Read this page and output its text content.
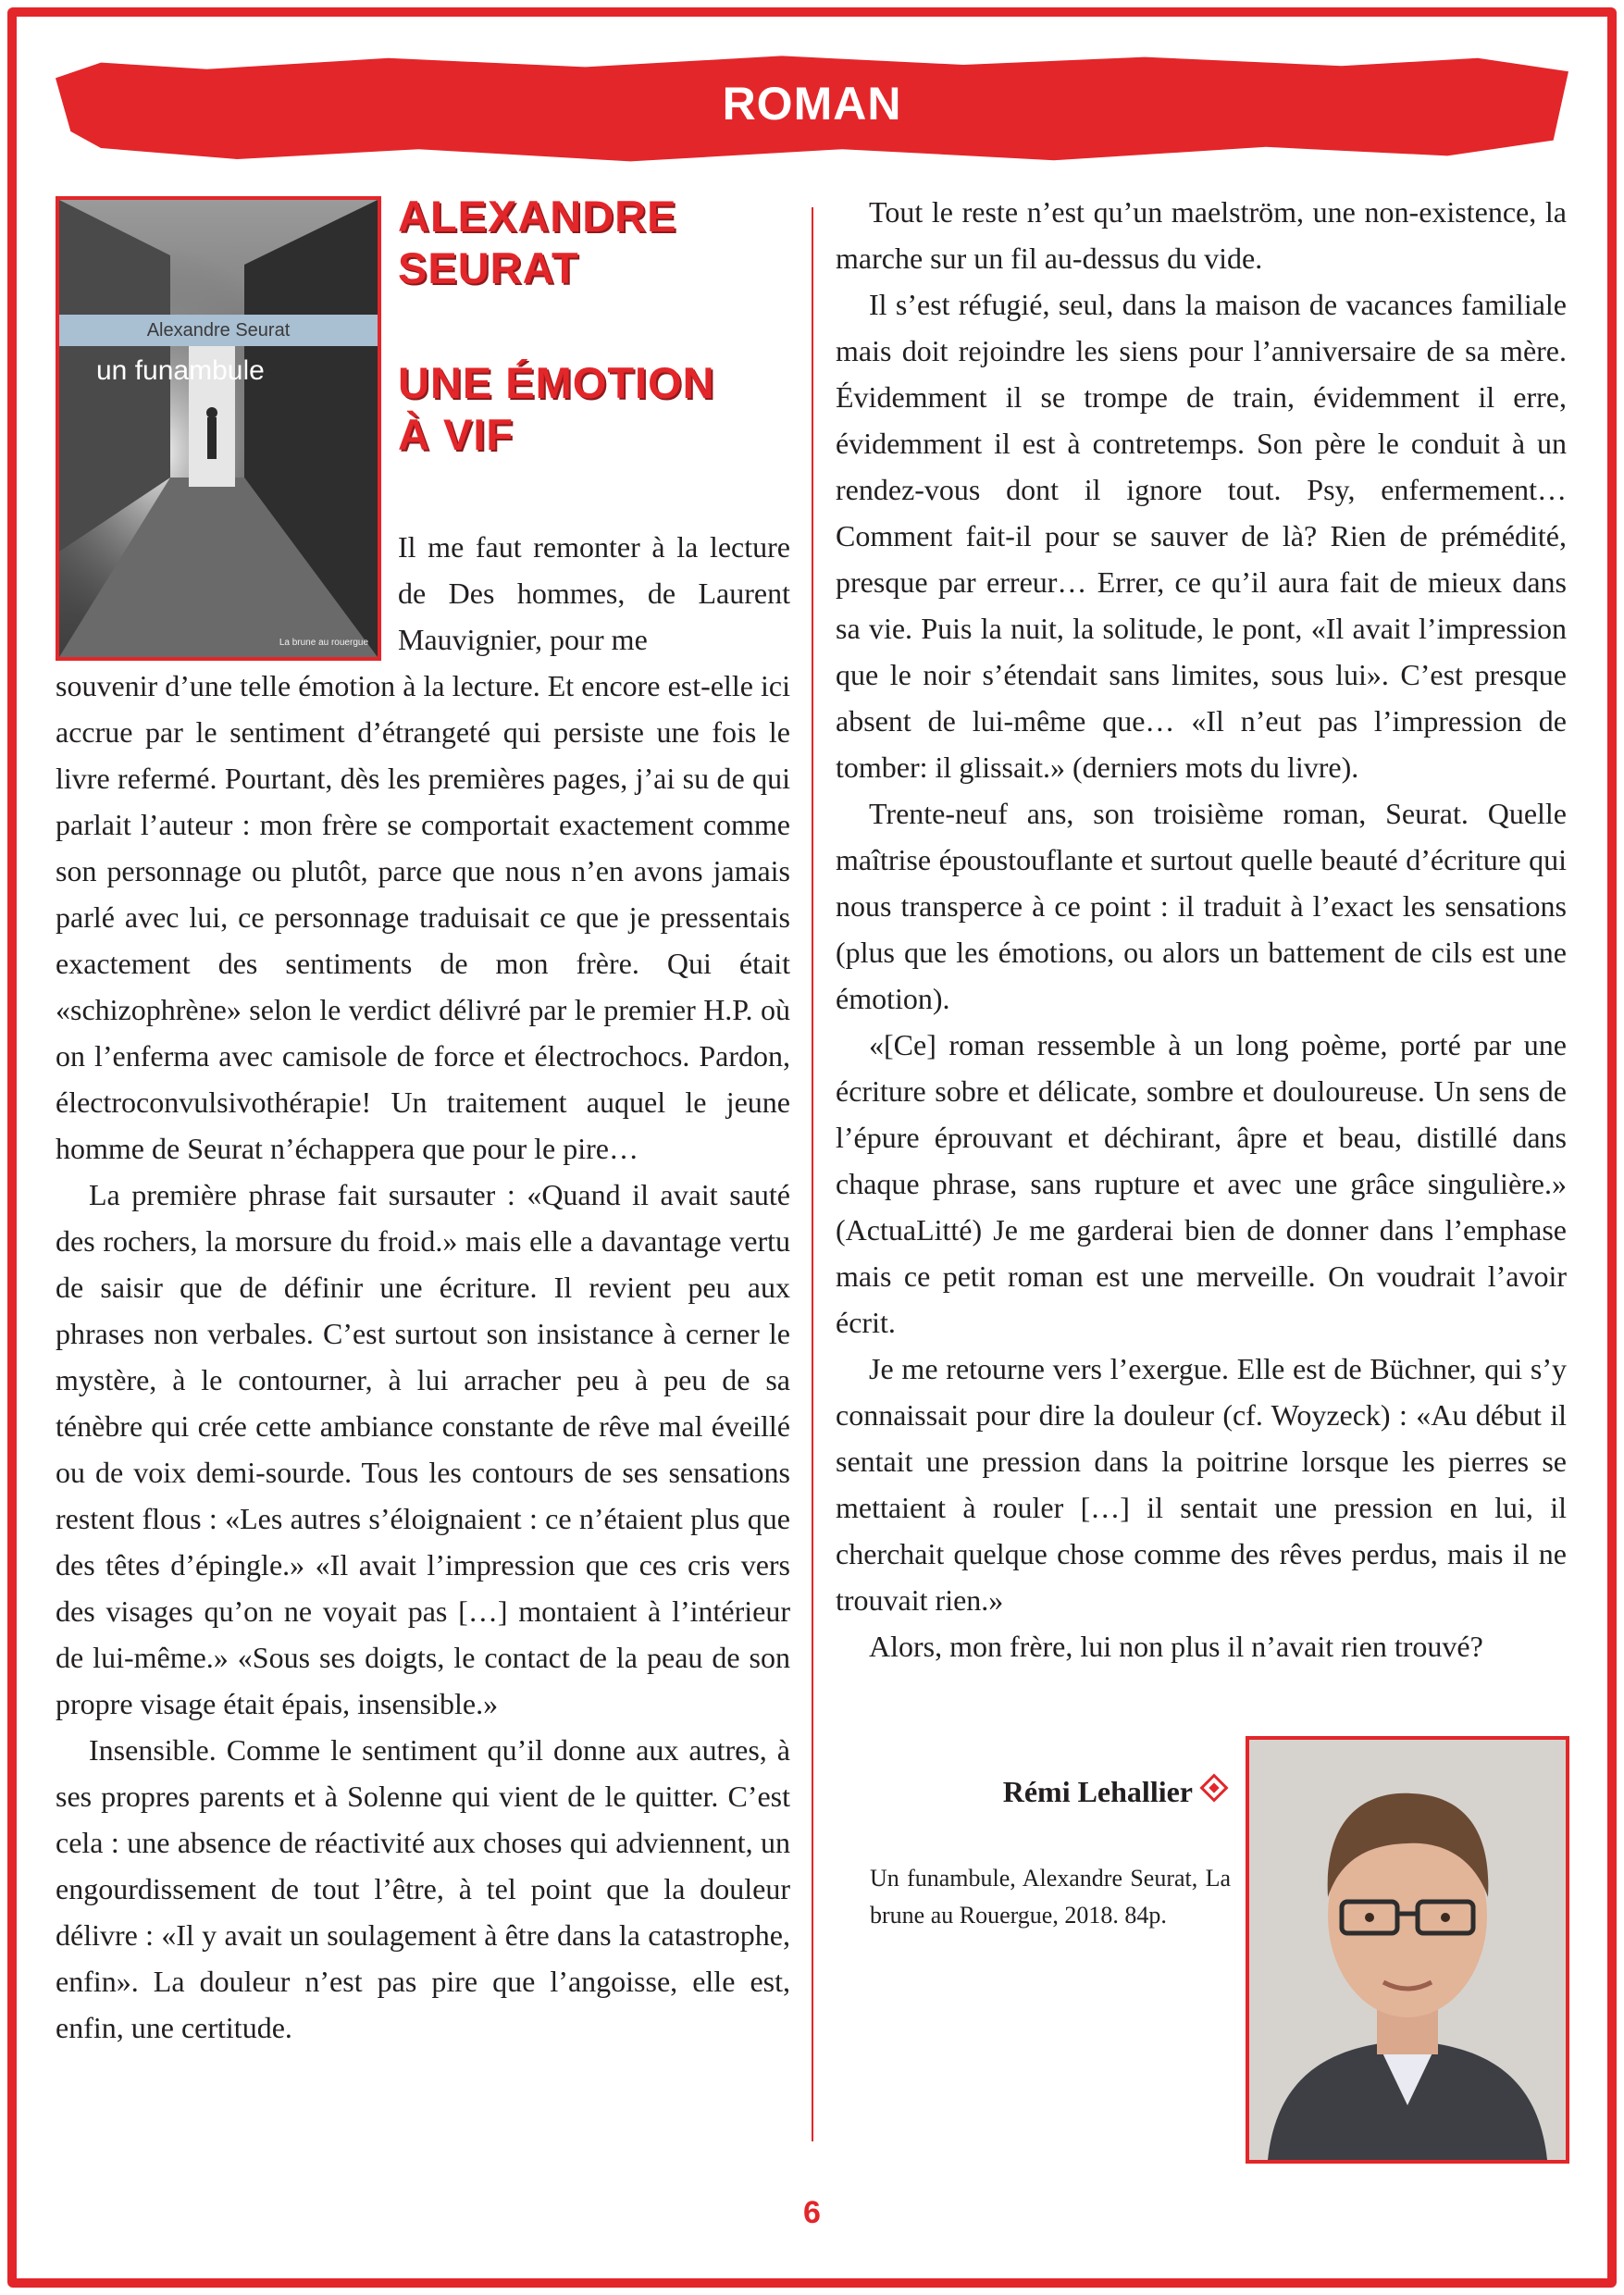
ROMAN
Alexandre Seurat
un funambule
La brune au rouergue
ALEXANDRE SEURAT
UNE ÉMOTION À VIF

Il me faut remonter à la lecture de Des hommes, de Laurent Mauvignier, pour me

souvenir d’une telle émotion à la lecture. Et encore est-elle ici accrue par le sentiment d’étrangeté qui persiste une fois le livre refermé. Pourtant, dès les premières pages, j’ai su de qui parlait l’auteur : mon frère se comportait exactement comme son personnage ou plutôt, parce que nous n’en avons jamais parlé avec lui, ce personnage traduisait ce que je pressentais exactement des sentiments de mon frère. Qui était «schizophrène» selon le verdict délivré par le premier H.P. où on l’enferma avec camisole de force et électrochocs. Pardon, électroconvulsivothérapie! Un traitement auquel le jeune homme de Seurat n’échappera que pour le pire…

La première phrase fait sursauter : «Quand il avait sauté des rochers, la morsure du froid.» mais elle a davantage vertu de saisir que de définir une écriture. Il revient peu aux phrases non verbales. C’est surtout son insistance à cerner le mystère, à le contourner, à lui arracher peu à peu de sa ténèbre qui crée cette ambiance constante de rêve mal éveillé ou de voix demi-sourde. Tous les contours de ses sensations restent flous : «Les autres s’éloignaient : ce n’étaient plus que des têtes d’épingle.» «Il avait l’impression que ces cris vers des visages qu’on ne voyait pas […] montaient à l’intérieur de lui-même.» «Sous ses doigts, le contact de la peau de son propre visage était épais, insensible.»

Insensible. Comme le sentiment qu’il donne aux autres, à ses propres parents et à Solenne qui vient de le quitter. C’est cela : une absence de réactivité aux choses qui adviennent, un engourdissement de tout l’être, à tel point que la douleur délivre : «Il y avait un soulagement à être dans la catastrophe, enfin». La douleur n’est pas pire que l’angoisse, elle est, enfin, une certitude.

Tout le reste n’est qu’un maelström, une non-existence, la marche sur un fil au-dessus du vide.

Il s’est réfugié, seul, dans la maison de vacances familiale mais doit rejoindre les siens pour l’anniversaire de sa mère. Évidemment il se trompe de train, évidemment il erre, évidemment il est à contretemps. Son père le conduit à un rendez-vous dont il ignore tout. Psy, enfermement… Comment fait-il pour se sauver de là? Rien de prémédité, presque par erreur… Errer, ce qu’il aura fait de mieux dans sa vie. Puis la nuit, la solitude, le pont, «Il avait l’impression que le noir s’étendait sans limites, sous lui». C’est presque absent de lui-même que… «Il n’eut pas l’impression de tomber: il glissait.» (derniers mots du livre).

Trente-neuf ans, son troisième roman, Seurat. Quelle maîtrise époustouflante et surtout quelle beauté d’écriture qui nous transperce à ce point : il traduit à l’exact les sensations (plus que les émotions, ou alors un battement de cils est une émotion).

«[Ce] roman ressemble à un long poème, porté par une écriture sobre et délicate, sombre et douloureuse. Un sens de l’épure éprouvant et déchirant, âpre et beau, distillé dans chaque phrase, sans rupture et avec une grâce singulière.» (ActuaLitté) Je me garderai bien de donner dans l’emphase mais ce petit roman est une merveille. On voudrait l’avoir écrit.

Je me retourne vers l’exergue. Elle est de Büchner, qui s’y connaissait pour dire la douleur (cf. Woyzeck) : «Au début il sentait une pression dans la poitrine lorsque les pierres se mettaient à rouler […] il sentait une pression en lui, il cherchait quelque chose comme des rêves perdus, mais il ne trouvait rien.»

Alors, mon frère, lui non plus il n’avait rien trouvé?

Rémi Lehallier

Un funambule, Alexandre Seurat, La brune au Rouergue, 2018. 84p.

6
